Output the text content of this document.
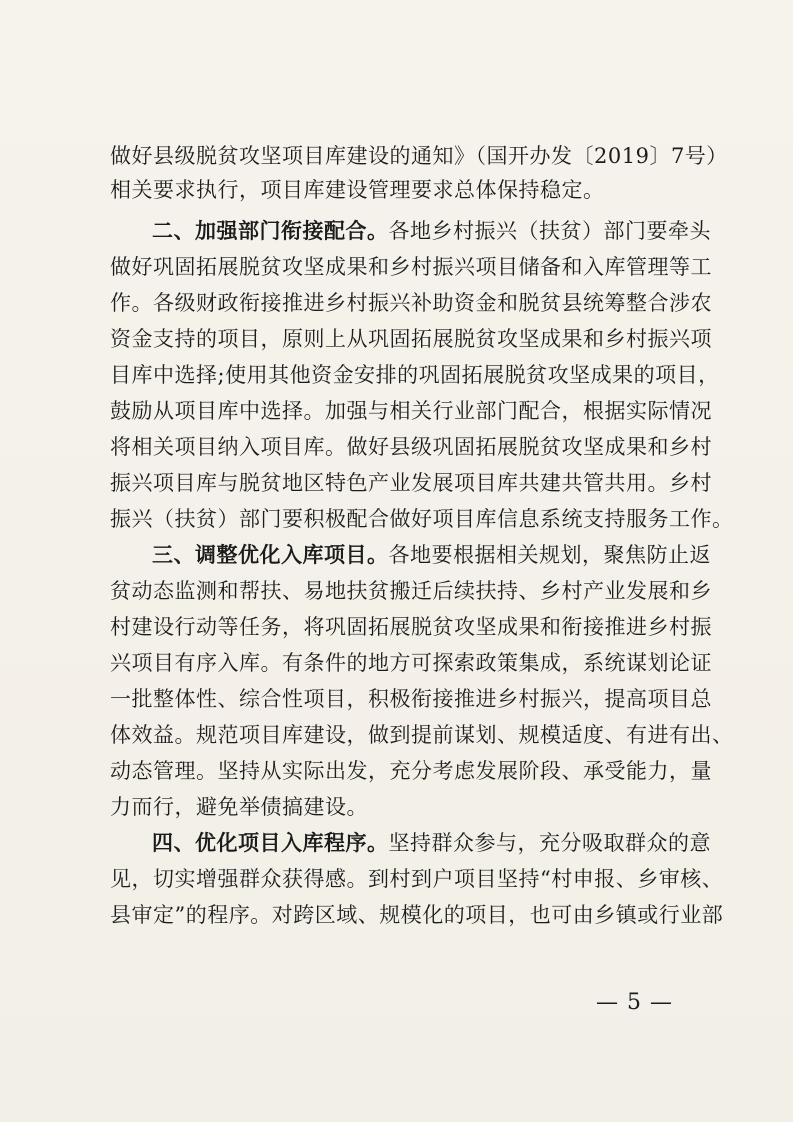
做好县级脱贫攻坚项目库建设的通知》（国开办发〔2019〕7号）
相关要求执行，项目库建设管理要求总体保持稳定。
二、加强部门衔接配合。各地乡村振兴（扶贫）部门要牵头
做好巩固拓展脱贫攻坚成果和乡村振兴项目储备和入库管理等工
作。各级财政衔接推进乡村振兴补助资金和脱贫县统筹整合涉农
资金支持的项目，原则上从巩固拓展脱贫攻坚成果和乡村振兴项
目库中选择;使用其他资金安排的巩固拓展脱贫攻坚成果的项目，
鼓励从项目库中选择。加强与相关行业部门配合，根据实际情况
将相关项目纳入项目库。做好县级巩固拓展脱贫攻坚成果和乡村
振兴项目库与脱贫地区特色产业发展项目库共建共管共用。乡村
振兴（扶贫）部门要积极配合做好项目库信息系统支持服务工作。
三、调整优化入库项目。各地要根据相关规划，聚焦防止返
贫动态监测和帮扶、易地扶贫搬迁后续扶持、乡村产业发展和乡
村建设行动等任务，将巩固拓展脱贫攻坚成果和衔接推进乡村振
兴项目有序入库。有条件的地方可探索政策集成，系统谋划论证
一批整体性、综合性项目，积极衔接推进乡村振兴，提高项目总
体效益。规范项目库建设，做到提前谋划、规模适度、有进有出、
动态管理。坚持从实际出发，充分考虑发展阶段、承受能力，量
力而行，避免举债搞建设。
四、优化项目入库程序。坚持群众参与，充分吸取群众的意
见，切实增强群众获得感。到村到户项目坚持“村申报、乡审核、
县审定”的程序。对跨区域、规模化的项目，也可由乡镇或行业部
— 5 —
